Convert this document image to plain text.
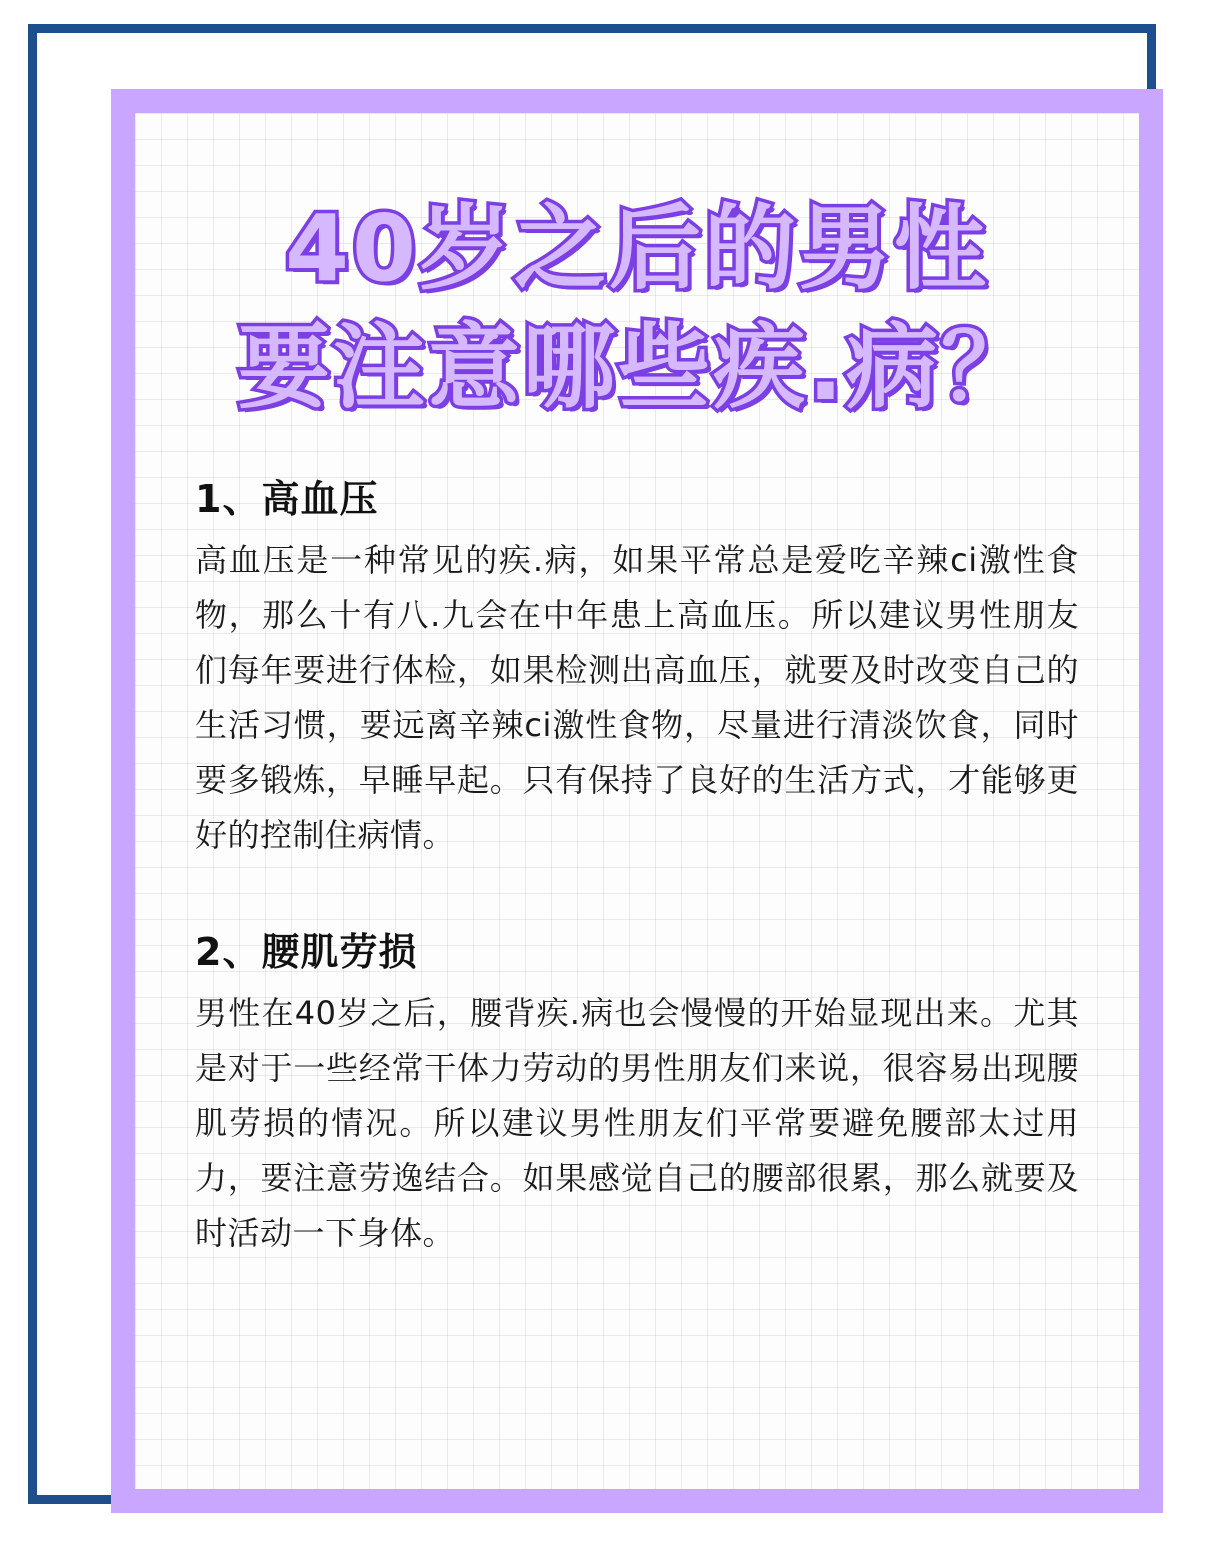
40岁之后的男性
要注意哪些疾.病？
1、高血压

高血压是一种常见的疾.病，如果平常总是爱吃辛辣ci激性食物，那么十有八.九会在中年患上高血压。所以建议男性朋友们每年要进行体检，如果检测出高血压，就要及时改变自己的生活习惯，要远离辛辣ci激性食物，尽量进行清淡饮食，同时要多锻炼，早睡早起。只有保持了良好的生活方式，才能够更好的控制住病情。

2、腰肌劳损

男性在40岁之后，腰背疾.病也会慢慢的开始显现出来。尤其是对于一些经常干体力劳动的男性朋友们来说，很容易出现腰肌劳损的情况。所以建议男性朋友们平常要避免腰部太过用力，要注意劳逸结合。如果感觉自己的腰部很累，那么就要及时活动一下身体。
